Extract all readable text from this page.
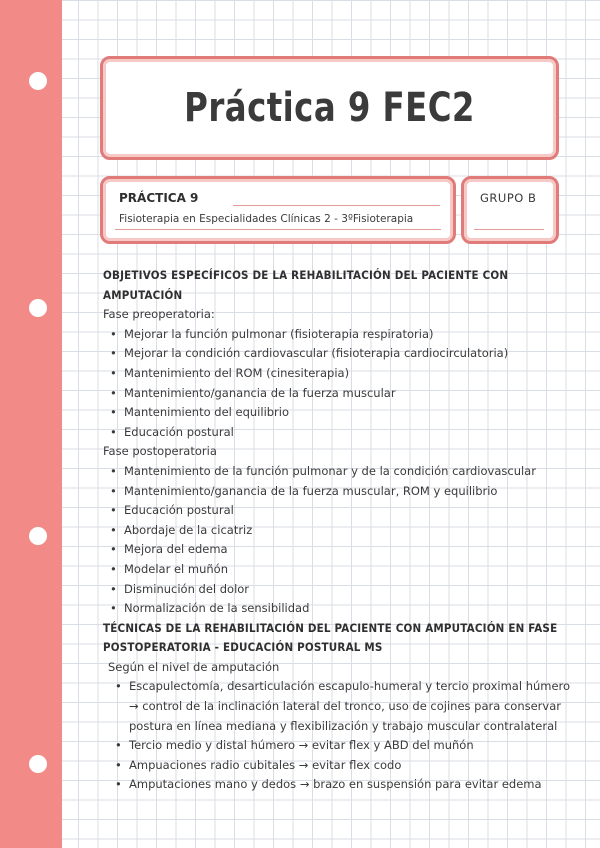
Práctica 9 FEC2
PRÁCTICA 9
Fisioterapia en Especialidades Clínicas 2 - 3ºFisioterapia
GRUPO B
OBJETIVOS ESPECÍFICOS DE LA REHABILITACIÓN DEL PACIENTE CON AMPUTACIÓN
Fase preoperatoria:
• Mejorar la función pulmonar (fisioterapia respiratoria)
• Mejorar la condición cardiovascular (fisioterapia cardiocirculatoria)
• Mantenimiento del ROM (cinesiterapia)
• Mantenimiento/ganancia de la fuerza muscular
• Mantenimiento del equilibrio
• Educación postural
Fase postoperatoria
• Mantenimiento de la función pulmonar y de la condición cardiovascular
• Mantenimiento/ganancia de la fuerza muscular, ROM y equilibrio
• Educación postural
• Abordaje de la cicatriz
• Mejora del edema
• Modelar el muñón
• Disminución del dolor
• Normalización de la sensibilidad
TÉCNICAS DE LA REHABILITACIÓN DEL PACIENTE CON AMPUTACIÓN EN FASE
POSTOPERATORIA - EDUCACIÓN POSTURAL MS
Según el nivel de amputación
• Escapulectomía, desarticulación escapulo-humeral y tercio proximal húmero
→ control de la inclinación lateral del tronco, uso de cojines para conservar
postura en línea mediana y flexibilización y trabajo muscular contralateral
• Tercio medio y distal húmero → evitar flex y ABD del muñón
• Ampuaciones radio cubitales → evitar flex codo
• Amputaciones mano y dedos → brazo en suspensión para evitar edema
